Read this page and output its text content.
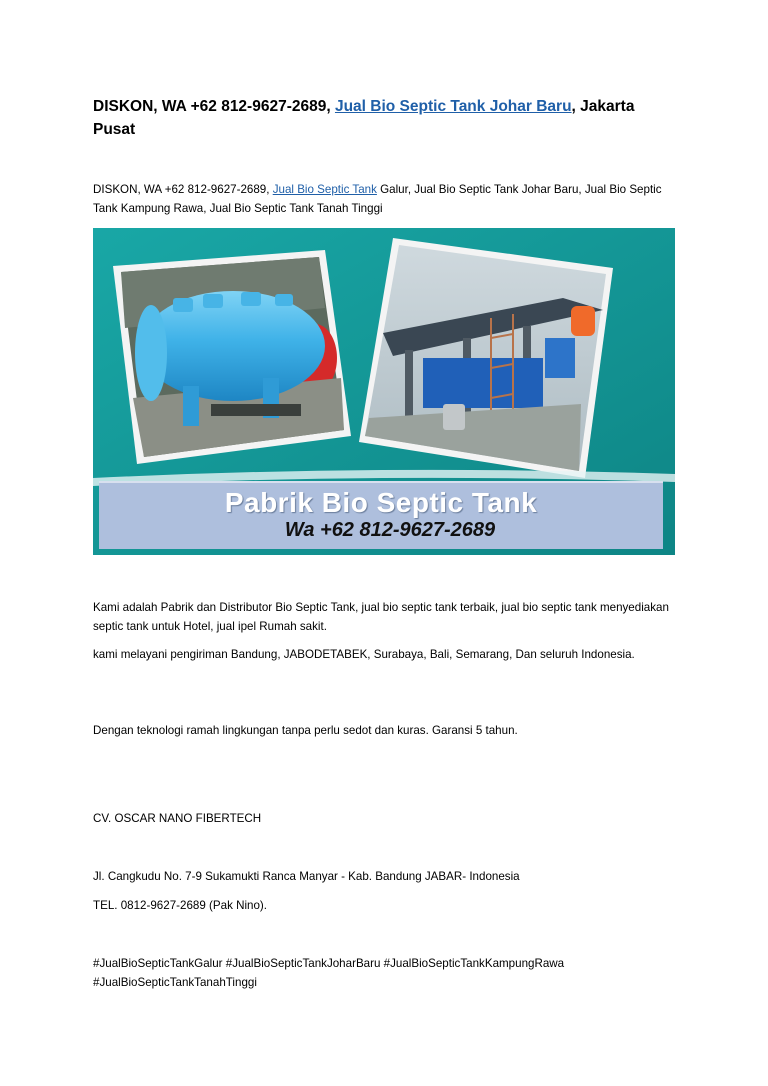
DISKON, WA +62 812-9627-2689, Jual Bio Septic Tank Johar Baru, Jakarta Pusat
DISKON, WA +62 812-9627-2689, Jual Bio Septic Tank Galur, Jual Bio Septic Tank Johar Baru, Jual Bio Septic Tank Kampung Rawa, Jual Bio Septic Tank Tanah Tinggi
Pabrik Bio Septic Tank
Wa +62 812-9627-2689

Kami adalah Pabrik dan Distributor Bio Septic Tank, jual bio septic tank terbaik, jual bio septic tank menyediakan septic tank untuk Hotel, jual ipel Rumah sakit.

kami melayani pengiriman Bandung, JABODETABEK, Surabaya, Bali, Semarang, Dan seluruh Indonesia.

Dengan teknologi ramah lingkungan tanpa perlu sedot dan kuras. Garansi 5 tahun.

CV. OSCAR NANO FIBERTECH

Jl. Cangkudu No. 7-9 Sukamukti Ranca Manyar - Kab. Bandung JABAR- Indonesia

TEL. 0812-9627-2689 (Pak Nino).

#JualBioSepticTankGalur #JualBioSepticTankJoharBaru #JualBioSepticTankKampungRawa #JualBioSepticTankTanahTinggi
